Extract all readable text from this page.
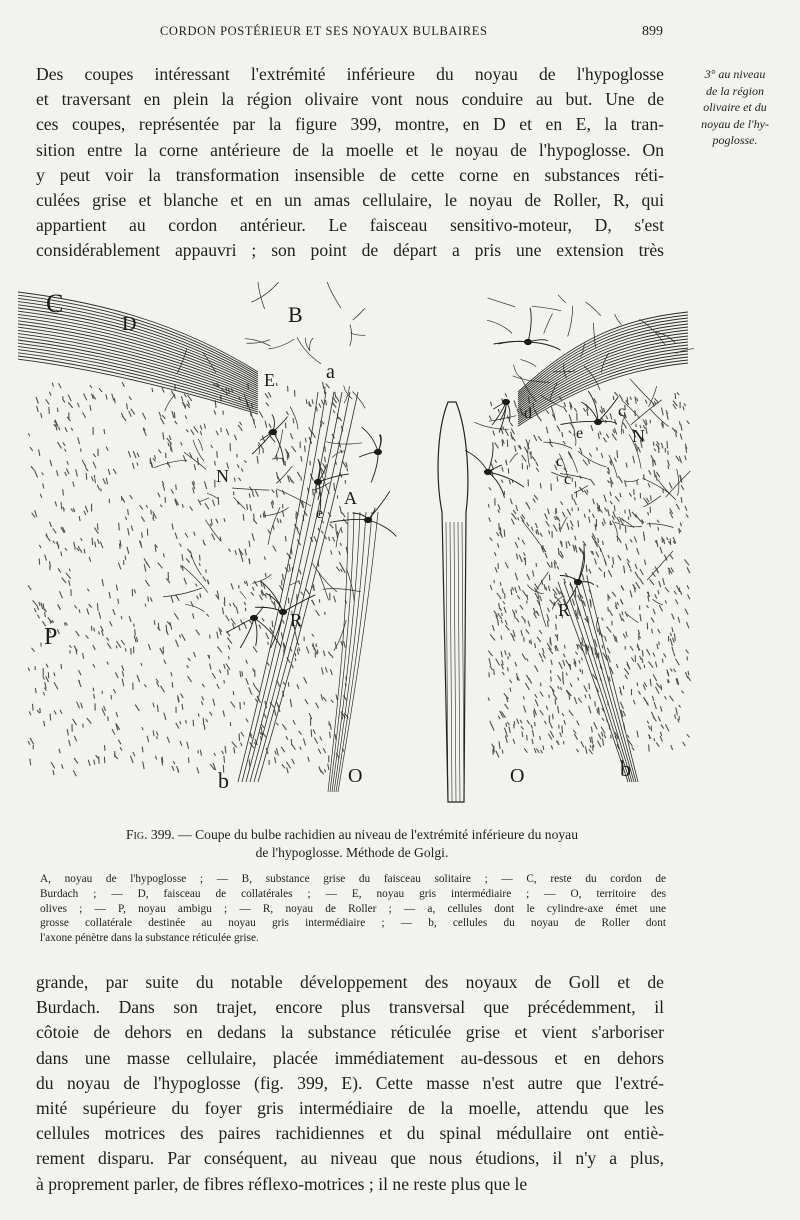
CORDON POSTÉRIEUR ET SES NOYAUX BULBAIRES	899
3° au niveau
de la région
olivaire et du
noyau de l'hy-
poglosse.
Des coupes intéressant l'extrémité inférieure du noyau de l'hypoglosse
et traversant en plein la région olivaire vont nous conduire au but. Une de
ces coupes, représentée par la figure 399, montre, en D et en E, la tran-
sition entre la corne antérieure de la moelle et le noyau de l'hypoglosse. On
y peut voir la transformation insensible de cette corne en substances réti-
culées grise et blanche et en un amas cellulaire, le noyau de Roller, R, qui
appartient au cordon antérieur. Le faisceau sensitivo-moteur, D, s'est
considérablement appauvri ; son point de départ a pris une extension très
C
D	B
a
E
N
A
e
P
R
b	O	O	b
R
N
c
c
c
d
e
Fig. 399. — Coupe du bulbe rachidien au niveau de l'extrémité inférieure du noyau
de l'hypoglosse. Méthode de Golgi.
A, noyau de l'hypoglosse ; — B, substance grise du faisceau solitaire ; — C, reste du cordon de
Burdach ; — D, faisceau de collatérales ; — E, noyau gris intermédiaire ; — O, territoire des
olives ; — P, noyau ambigu ; — R, noyau de Roller ; — a, cellules dont le cylindre-axe émet une
grosse collatérale destinée au noyau gris intermédiaire ; — b, cellules du noyau de Roller dont
l'axone pénètre dans la substance réticulée grise.
grande, par suite du notable développement des noyaux de Goll et de
Burdach. Dans son trajet, encore plus transversal que précédemment, il
côtoie de dehors en dedans la substance réticulée grise et vient s'arboriser
dans une masse cellulaire, placée immédiatement au-dessous et en dehors
du noyau de l'hypoglosse (fig. 399, E). Cette masse n'est autre que l'extré-
mité supérieure du foyer gris intermédiaire de la moelle, attendu que les
cellules motrices des paires rachidiennes et du spinal médullaire ont entiè-
rement disparu. Par conséquent, au niveau que nous étudions, il n'y a plus,
à proprement parler, de fibres réflexo-motrices ; il ne reste plus que le
